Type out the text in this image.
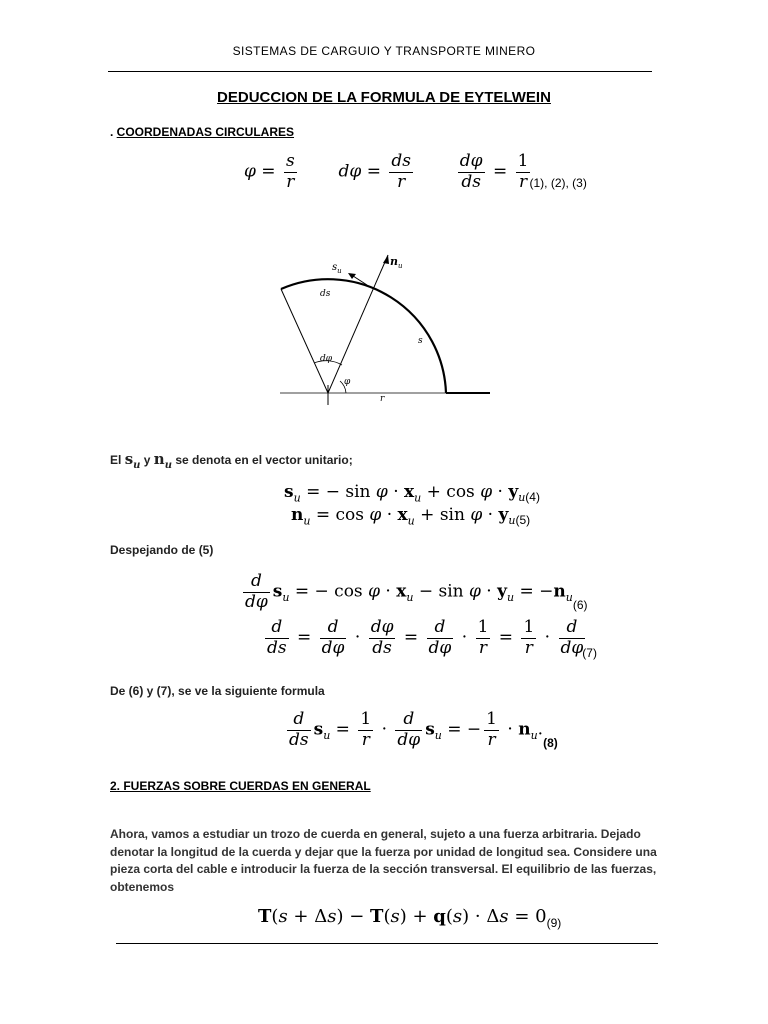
SISTEMAS DE CARGUIO Y TRANSPORTE MINERO
DEDUCCION DE LA FORMULA DE EYTELWEIN
. COORDENADAS CIRCULARES
$\varphi = \frac{s}{r}$ $d\varphi = \frac{ds}{r}$
	$\frac{d\varphi}{ds} = \frac{1}{r} _{(1), (2), (3)}$
$s_u$
$n_u$
ds
s
dφ
φ
r
El $s_u$ y $n_u$ se denota en el vector unitario;
$s_u$ = − $\sin \varphi \cdot x_u + \cos \varphi \cdot y_{u(4)}$
$n_u = \cos \varphi \cdot x_u + \sin \varphi \cdot y_{u(5)}$
Despejando de (5)
$\frac{d}{d\varphi} s_u$ = − $\cos \varphi \cdot x_u - \sin \varphi \cdot y_u = -n_{u(6)}$
$\frac{d}{ds} = \frac{d}{d\varphi} \cdot \frac{d\varphi}{ds} = \frac{d}{d\varphi} \cdot \frac{1}{r} = \frac{1}{r} \cdot \frac{d}{d\varphi}$
$_{(7)}$
De (6) y (7), se ve la siguiente formula
$\frac{d}{ds} s_u = \frac{1}{r} \cdot \frac{d}{d\varphi} s_u$ = − $\frac{1}{r} \cdot n_u._{(8)}$
2. FUERZAS SOBRE CUERDAS EN GENERAL
Ahora, vamos a estudiar un trozo de cuerda en general, sujeto a una fuerza arbitraria. Dejado denotar la longitud de la cuerda y dejar que la fuerza por unidad de longitud sea. Considere una pieza corta del cable e introducir la fuerza de la sección transversal. El equilibrio de las fuerzas, obtenemos
$T(s + \Delta s) - T(s) + q(s) \cdot \Delta s = 0_{(9)}$
